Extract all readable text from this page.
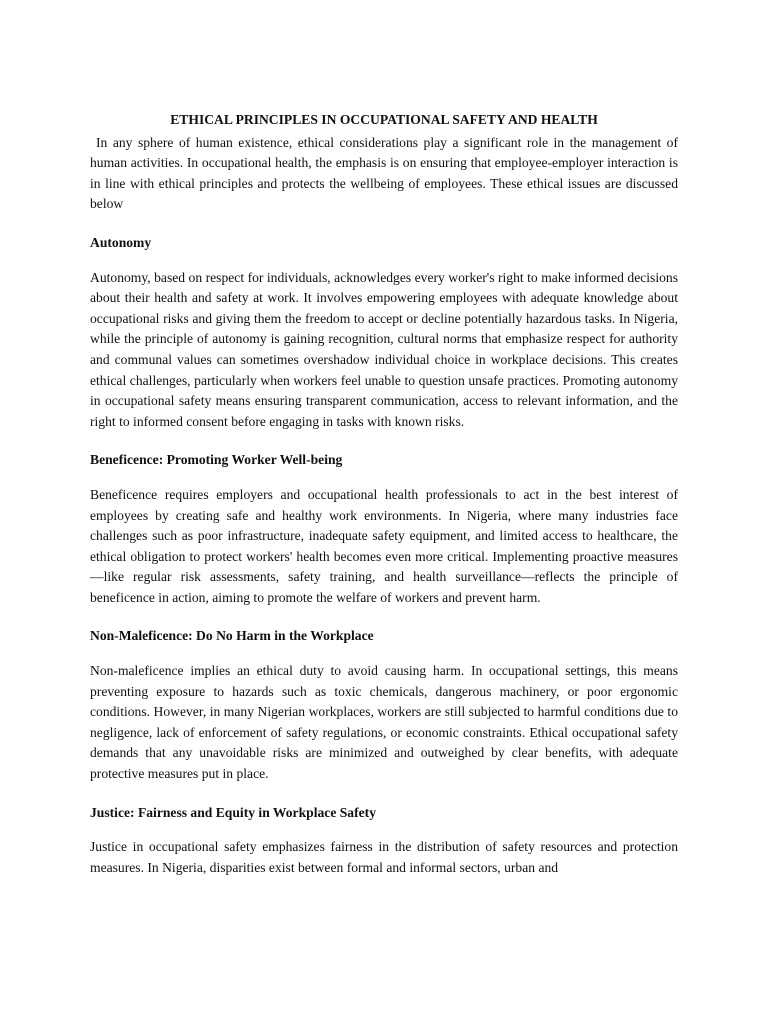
ETHICAL PRINCIPLES IN OCCUPATIONAL SAFETY AND HEALTH

In any sphere of human existence, ethical considerations play a significant role in the management of human activities. In occupational health, the emphasis is on ensuring that employee-employer interaction is in line with ethical principles and protects the wellbeing of employees. These ethical issues are discussed below

Autonomy

Autonomy, based on respect for individuals, acknowledges every worker's right to make informed decisions about their health and safety at work. It involves empowering employees with adequate knowledge about occupational risks and giving them the freedom to accept or decline potentially hazardous tasks. In Nigeria, while the principle of autonomy is gaining recognition, cultural norms that emphasize respect for authority and communal values can sometimes overshadow individual choice in workplace decisions. This creates ethical challenges, particularly when workers feel unable to question unsafe practices. Promoting autonomy in occupational safety means ensuring transparent communication, access to relevant information, and the right to informed consent before engaging in tasks with known risks.

Beneficence: Promoting Worker Well-being

Beneficence requires employers and occupational health professionals to act in the best interest of employees by creating safe and healthy work environments. In Nigeria, where many industries face challenges such as poor infrastructure, inadequate safety equipment, and limited access to healthcare, the ethical obligation to protect workers' health becomes even more critical. Implementing proactive measures—like regular risk assessments, safety training, and health surveillance—reflects the principle of beneficence in action, aiming to promote the welfare of workers and prevent harm.

Non-Maleficence: Do No Harm in the Workplace

Non-maleficence implies an ethical duty to avoid causing harm. In occupational settings, this means preventing exposure to hazards such as toxic chemicals, dangerous machinery, or poor ergonomic conditions. However, in many Nigerian workplaces, workers are still subjected to harmful conditions due to negligence, lack of enforcement of safety regulations, or economic constraints. Ethical occupational safety demands that any unavoidable risks are minimized and outweighed by clear benefits, with adequate protective measures put in place.

Justice: Fairness and Equity in Workplace Safety

Justice in occupational safety emphasizes fairness in the distribution of safety resources and protection measures. In Nigeria, disparities exist between formal and informal sectors, urban and
